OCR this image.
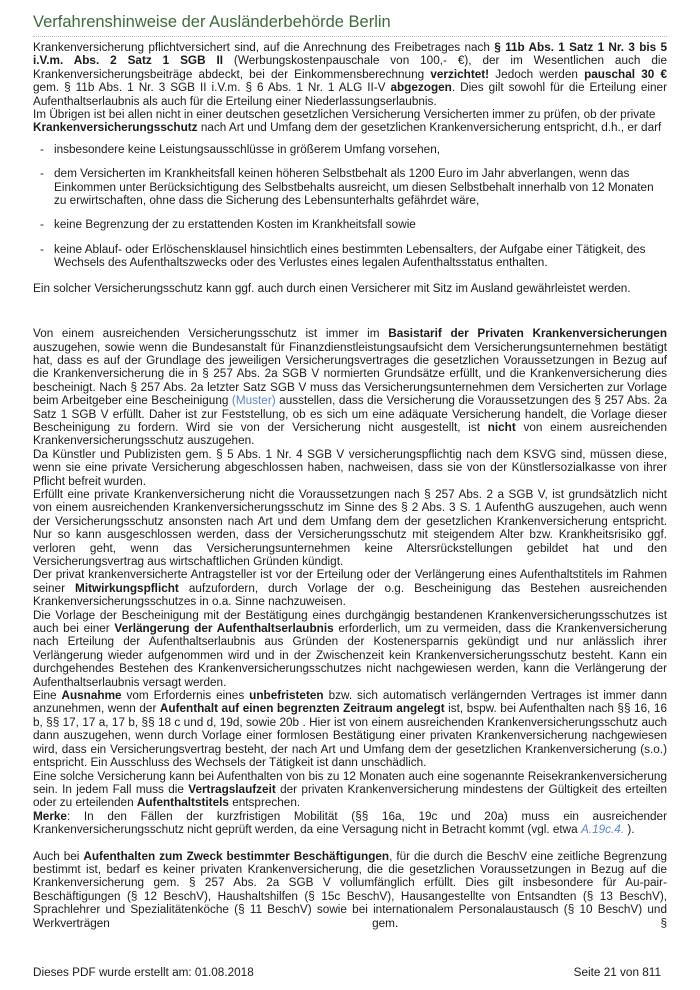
Verfahrenshinweise der Ausländerbehörde Berlin

Krankenversicherung pflichtversichert sind, auf die Anrechnung des Freibetrages nach § 11b Abs. 1 Satz 1 Nr. 3 bis 5 i.V.m. Abs. 2 Satz 1 SGB II (Werbungskostenpauschale von 100,- €), der im Wesentlichen auch die Krankenversicherungsbeiträge abdeckt, bei der Einkommensberechnung verzichtet! Jedoch werden pauschal 30 € gem. § 11b Abs. 1 Nr. 3 SGB II i.V.m. § 6 Abs. 1 Nr. 1 ALG II-V abgezogen. Dies gilt sowohl für die Erteilung einer Aufenthaltserlaubnis als auch für die Erteilung einer Niederlassungserlaubnis.

Im Übrigen ist bei allen nicht in einer deutschen gesetzlichen Versicherung Versicherten immer zu prüfen, ob der private Krankenversicherungsschutz nach Art und Umfang dem der gesetzlichen Krankenversicherung entspricht, d.h., er darf

-
insbesondere keine Leistungsausschlüsse in größerem Umfang vorsehen,
-
dem Versicherten im Krankheitsfall keinen höheren Selbstbehalt als 1200 Euro im Jahr abverlangen, wenn das Einkommen unter Berücksichtigung des Selbstbehalts ausreicht, um diesen Selbstbehalt innerhalb von 12 Monaten zu erwirtschaften, ohne dass die Sicherung des Lebensunterhalts gefährdet wäre,
-
keine Begrenzung der zu erstattenden Kosten im Krankheitsfall sowie
-
keine Ablauf- oder Erlöschensklausel hinsichtlich eines bestimmten Lebensalters, der Aufgabe einer Tätigkeit, des Wechsels des Aufenthaltszwecks oder des Verlustes eines legalen Aufenthaltsstatus enthalten.

Ein solcher Versicherungsschutz kann ggf. auch durch einen Versicherer mit Sitz im Ausland gewährleistet werden.

Von einem ausreichenden Versicherungsschutz ist immer im Basistarif der Privaten Krankenversicherungen auszugehen, sowie wenn die Bundesanstalt für Finanzdienstleistungsaufsicht dem Versicherungsunternehmen bestätigt hat, dass es auf der Grundlage des jeweiligen Versicherungsvertrages die gesetzlichen Voraussetzungen in Bezug auf die Krankenversicherung die in § 257 Abs. 2a SGB V normierten Grundsätze erfüllt, und die Krankenversicherung dies bescheinigt. Nach § 257 Abs. 2a letzter Satz SGB V muss das Versicherungsunternehmen dem Versicherten zur Vorlage beim Arbeitgeber eine Bescheinigung (Muster) ausstellen, dass die Versicherung die Voraussetzungen des § 257 Abs. 2a Satz 1 SGB V erfüllt. Daher ist zur Feststellung, ob es sich um eine adäquate Versicherung handelt, die Vorlage dieser Bescheinigung zu fordern. Wird sie von der Versicherung nicht ausgestellt, ist nicht von einem ausreichenden Krankenversicherungsschutz auszugehen.

Da Künstler und Publizisten gem. § 5 Abs. 1 Nr. 4 SGB V versicherungspflichtig nach dem KSVG sind, müssen diese, wenn sie eine private Versicherung abgeschlossen haben, nachweisen, dass sie von der Künstlersozialkasse von ihrer Pflicht befreit wurden.

Erfüllt eine private Krankenversicherung nicht die Voraussetzungen nach § 257 Abs. 2 a SGB V, ist grundsätzlich nicht von einem ausreichenden Krankenversicherungsschutz im Sinne des § 2 Abs. 3 S. 1 AufenthG auszugehen, auch wenn der Versicherungsschutz ansonsten nach Art und dem Umfang dem der gesetzlichen Krankenversicherung entspricht. Nur so kann ausgeschlossen werden, dass der Versicherungsschutz mit steigendem Alter bzw. Krankheitsrisiko ggf. verloren geht, wenn das Versicherungsunternehmen keine Altersrückstellungen gebildet hat und den Versicherungsvertrag aus wirtschaftlichen Gründen kündigt.

Der privat krankenversicherte Antragsteller ist vor der Erteilung oder der Verlängerung eines Aufenthaltstitels im Rahmen seiner Mitwirkungspflicht aufzufordern, durch Vorlage der o.g. Bescheinigung das Bestehen ausreichenden Krankenversicherungsschutzes in o.a. Sinne nachzuweisen.

Die Vorlage der Bescheinigung mit der Bestätigung eines durchgängig bestandenen Krankenversicherungsschutzes ist auch bei einer Verlängerung der Aufenthaltserlaubnis erforderlich, um zu vermeiden, dass die Krankenversicherung nach Erteilung der Aufenthaltserlaubnis aus Gründen der Kostenersparnis gekündigt und nur anlässlich ihrer Verlängerung wieder aufgenommen wird und in der Zwischenzeit kein Krankenversicherungsschutz besteht. Kann ein durchgehendes Bestehen des Krankenversicherungsschutzes nicht nachgewiesen werden, kann die Verlängerung der Aufenthaltserlaubnis versagt werden.

Eine Ausnahme vom Erfordernis eines unbefristeten bzw. sich automatisch verlängernden Vertrages ist immer dann anzunehmen, wenn der Aufenthalt auf einen begrenzten Zeitraum angelegt ist, bspw. bei Aufenthalten nach §§ 16, 16 b, §§ 17, 17 a, 17 b, §§ 18 c und d, 19d, sowie 20b . Hier ist von einem ausreichenden Krankenversicherungsschutz auch dann auszugehen, wenn durch Vorlage einer formlosen Bestätigung einer privaten Krankenversicherung nachgewiesen wird, dass ein Versicherungsvertrag besteht, der nach Art und Umfang dem der gesetzlichen Krankenversicherung (s.o.) entspricht. Ein Ausschluss des Wechsels der Tätigkeit ist dann unschädlich.

Eine solche Versicherung kann bei Aufenthalten von bis zu 12 Monaten auch eine sogenannte Reisekrankenversicherung sein. In jedem Fall muss die Vertragslaufzeit der privaten Krankenversicherung mindestens der Gültigkeit des erteilten oder zu erteilenden Aufenthaltstitels entsprechen.

Merke: In den Fällen der kurzfristigen Mobilität (§§ 16a, 19c und 20a) muss ein ausreichender Krankenversicherungsschutz nicht geprüft werden, da eine Versagung nicht in Betracht kommt (vgl. etwa A.19c.4. ).

Auch bei Aufenthalten zum Zweck bestimmter Beschäftigungen, für die durch die BeschV eine zeitliche Begrenzung bestimmt ist, bedarf es keiner privaten Krankenversicherung, die die gesetzlichen Voraussetzungen in Bezug auf die Krankenversicherung gem. § 257 Abs. 2a SGB V vollumfänglich erfüllt. Dies gilt insbesondere für Au-pair-Beschäftigungen (§ 12 BeschV), Haushaltshilfen (§ 15c BeschV), Hausangestellte von Entsandten (§ 13 BeschV), Sprachlehrer und Spezialitätenköche (§ 11 BeschV) sowie bei internationalem Personalaustausch (§ 10 BeschV) und Werkverträgen gem. §

Dieses PDF wurde erstellt am: 01.08.2018	Seite 21 von 811
